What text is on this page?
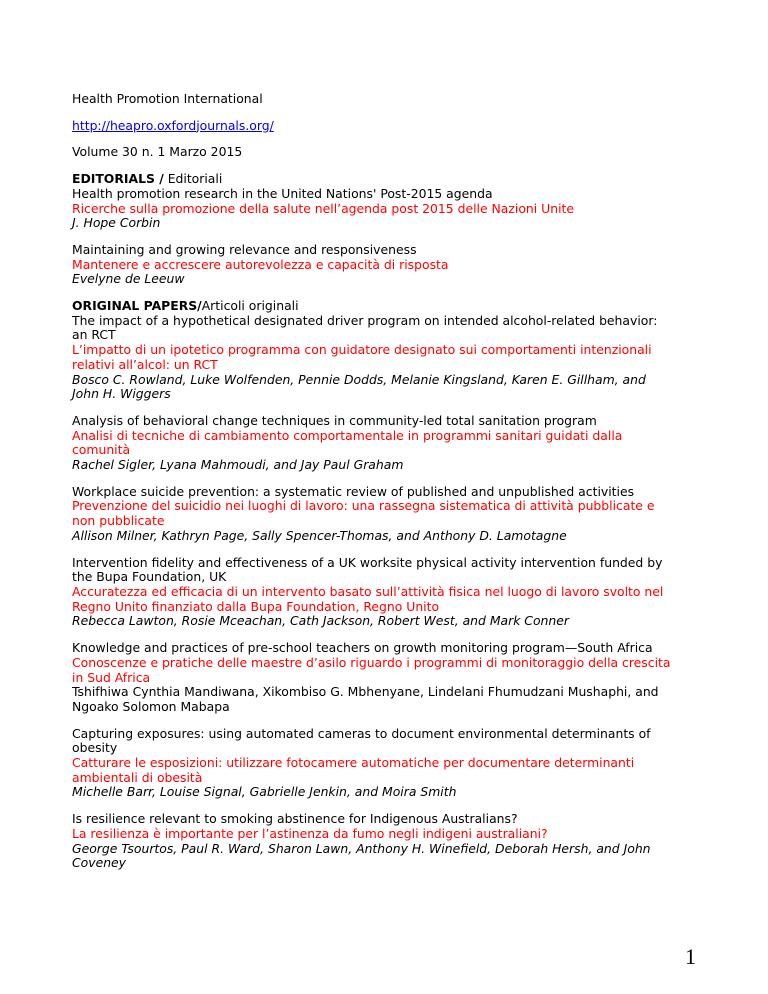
Health Promotion International
http://heapro.oxfordjournals.org/
Volume 30 n. 1 Marzo 2015
EDITORIALS / Editoriali
Health promotion research in the United Nations' Post-2015 agenda
Ricerche sulla promozione della salute nell’agenda post 2015 delle Nazioni Unite
J. Hope Corbin
Maintaining and growing relevance and responsiveness
Mantenere e accrescere autorevolezza e capacità di risposta
Evelyne de Leeuw
ORIGINAL PAPERS/Articoli originali
The impact of a hypothetical designated driver program on intended alcohol-related behavior: an RCT
L’impatto di un ipotetico programma con guidatore designato sui comportamenti intenzionali relativi all’alcol: un RCT
Bosco C. Rowland, Luke Wolfenden, Pennie Dodds, Melanie Kingsland, Karen E. Gillham, and John H. Wiggers
Analysis of behavioral change techniques in community-led total sanitation program
Analisi di tecniche di cambiamento comportamentale in programmi sanitari guidati dalla comunità
Rachel Sigler, Lyana Mahmoudi, and Jay Paul Graham
Workplace suicide prevention: a systematic review of published and unpublished activities
Prevenzione del suicidio nei luoghi di lavoro: una rassegna sistematica di attività pubblicate e non pubblicate
Allison Milner, Kathryn Page, Sally Spencer-Thomas, and Anthony D. Lamotagne
Intervention fidelity and effectiveness of a UK worksite physical activity intervention funded by the Bupa Foundation, UK
Accuratezza ed efficacia di un intervento basato sull’attività fisica nel luogo di lavoro svolto nel Regno Unito finanziato dalla Bupa Foundation, Regno Unito
Rebecca Lawton, Rosie Mceachan, Cath Jackson, Robert West, and Mark Conner
Knowledge and practices of pre-school teachers on growth monitoring program—South Africa
Conoscenze e pratiche delle maestre d’asilo riguardo i programmi di monitoraggio della crescita in Sud Africa
Tshifhiwa Cynthia Mandiwana, Xikombiso G. Mbhenyane, Lindelani Fhumudzani Mushaphi, and Ngoako Solomon Mabapa
Capturing exposures: using automated cameras to document environmental determinants of obesity
Catturare le esposizioni: utilizzare fotocamere automatiche per documentare determinanti ambientali di obesità
Michelle Barr, Louise Signal, Gabrielle Jenkin, and Moira Smith
Is resilience relevant to smoking abstinence for Indigenous Australians?
La resilienza è importante per l’astinenza da fumo negli indigeni australiani?
George Tsourtos, Paul R. Ward, Sharon Lawn, Anthony H. Winefield, Deborah Hersh, and John Coveney
1
